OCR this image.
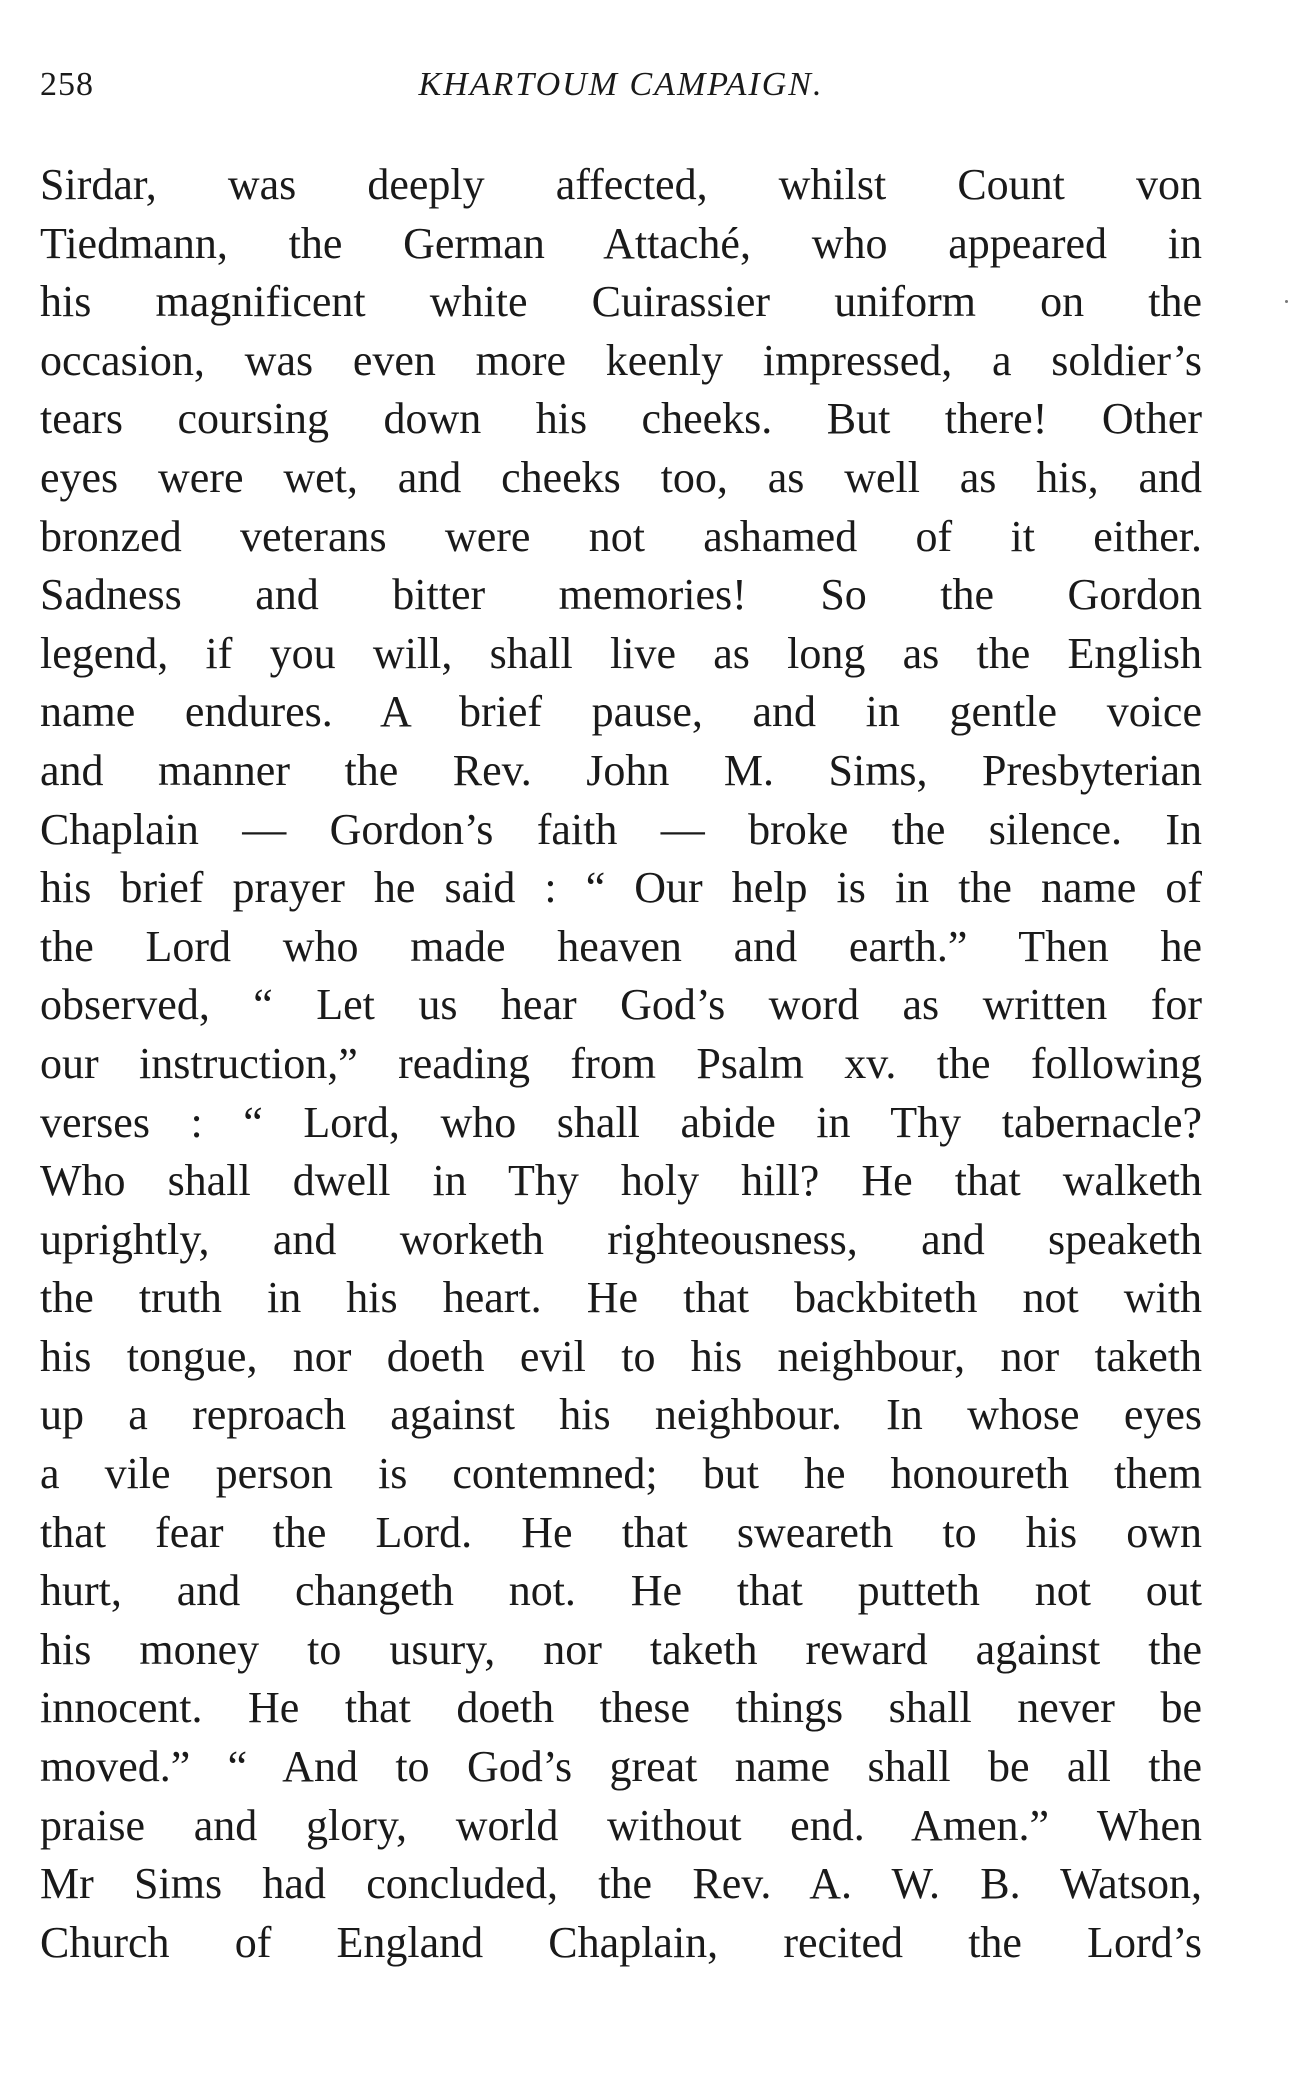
KHARTOUM CAMPAIGN.
258
Sirdar, was deeply affected, whilst Count von
Tiedmann, the German Attaché, who appeared in
his magnificent white Cuirassier uniform on the
occasion, was even more keenly impressed, a soldier’s
tears coursing down his cheeks. But there! Other
eyes were wet, and cheeks too, as well as his, and
bronzed veterans were not ashamed of it either.
Sadness and bitter memories! So the Gordon
legend, if you will, shall live as long as the English
name endures. A brief pause, and in gentle voice
and manner the Rev. John M. Sims, Presbyterian
Chaplain — Gordon’s faith — broke the silence. In
his brief prayer he said : “ Our help is in the name of
the Lord who made heaven and earth.” Then he
observed, “ Let us hear God’s word as written for
our instruction,” reading from Psalm xv. the following
verses : “ Lord, who shall abide in Thy tabernacle?
Who shall dwell in Thy holy hill? He that walketh
uprightly, and worketh righteousness, and speaketh
the truth in his heart. He that backbiteth not with
his tongue, nor doeth evil to his neighbour, nor taketh
up a reproach against his neighbour. In whose eyes
a vile person is contemned; but he honoureth them
that fear the Lord. He that sweareth to his own
hurt, and changeth not. He that putteth not out
his money to usury, nor taketh reward against the
innocent. He that doeth these things shall never be
moved.” “ And to God’s great name shall be all the
praise and glory, world without end. Amen.” When
Mr Sims had concluded, the Rev. A. W. B. Watson,
Church of England Chaplain, recited the Lord’s
